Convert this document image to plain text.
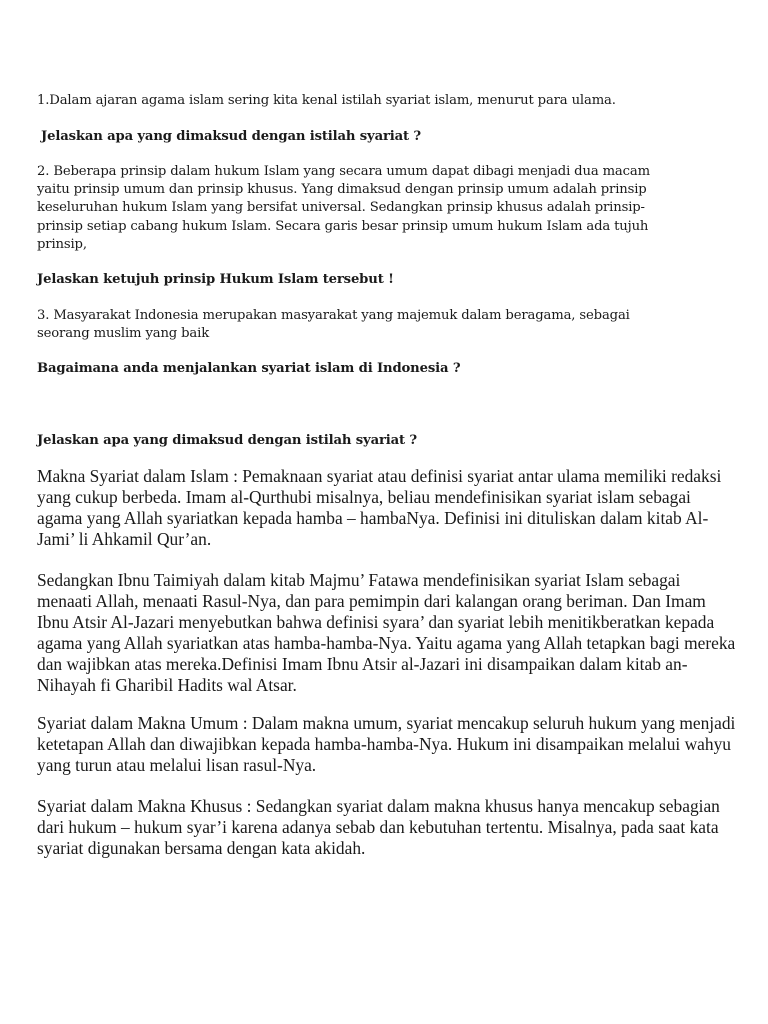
1.Dalam ajaran agama islam sering kita kenal istilah syariat islam, menurut para ulama.

Jelaskan apa yang dimaksud dengan istilah syariat ?

2. Beberapa prinsip dalam hukum Islam yang secara umum dapat dibagi menjadi dua macam yaitu prinsip umum dan prinsip khusus. Yang dimaksud dengan prinsip umum adalah prinsip keseluruhan hukum Islam yang bersifat universal. Sedangkan prinsip khusus adalah prinsip-prinsip setiap cabang hukum Islam. Secara garis besar prinsip umum hukum Islam ada tujuh prinsip,

Jelaskan ketujuh prinsip Hukum Islam tersebut !

3. Masyarakat Indonesia merupakan masyarakat yang majemuk dalam beragama, sebagai seorang muslim yang baik

Bagaimana anda menjalankan syariat islam di Indonesia ?

Jelaskan apa yang dimaksud dengan istilah syariat ?

Makna Syariat dalam Islam : Pemaknaan syariat atau definisi syariat antar ulama memiliki redaksi yang cukup berbeda. Imam al-Qurthubi misalnya, beliau mendefinisikan syariat islam sebagai agama yang Allah syariatkan kepada hamba – hambaNya. Definisi ini dituliskan dalam kitab Al-Jami’ li Ahkamil Qur’an.

Sedangkan Ibnu Taimiyah dalam kitab Majmu’ Fatawa mendefinisikan syariat Islam sebagai menaati Allah, menaati Rasul-Nya, dan para pemimpin dari kalangan orang beriman. Dan Imam Ibnu Atsir Al-Jazari menyebutkan bahwa definisi syara’ dan syariat lebih menitikberatkan kepada agama yang Allah syariatkan atas hamba-hamba-Nya. Yaitu agama yang Allah tetapkan bagi mereka dan wajibkan atas mereka.Definisi Imam Ibnu Atsir al-Jazari ini disampaikan dalam kitab an-Nihayah fi Gharibil Hadits wal Atsar.

Syariat dalam Makna Umum : Dalam makna umum, syariat mencakup seluruh hukum yang menjadi ketetapan Allah dan diwajibkan kepada hamba-hamba-Nya. Hukum ini disampaikan melalui wahyu yang turun atau melalui lisan rasul-Nya.

Syariat dalam Makna Khusus : Sedangkan syariat dalam makna khusus hanya mencakup sebagian dari hukum – hukum syar’i karena adanya sebab dan kebutuhan tertentu. Misalnya, pada saat kata syariat digunakan bersama dengan kata akidah.
